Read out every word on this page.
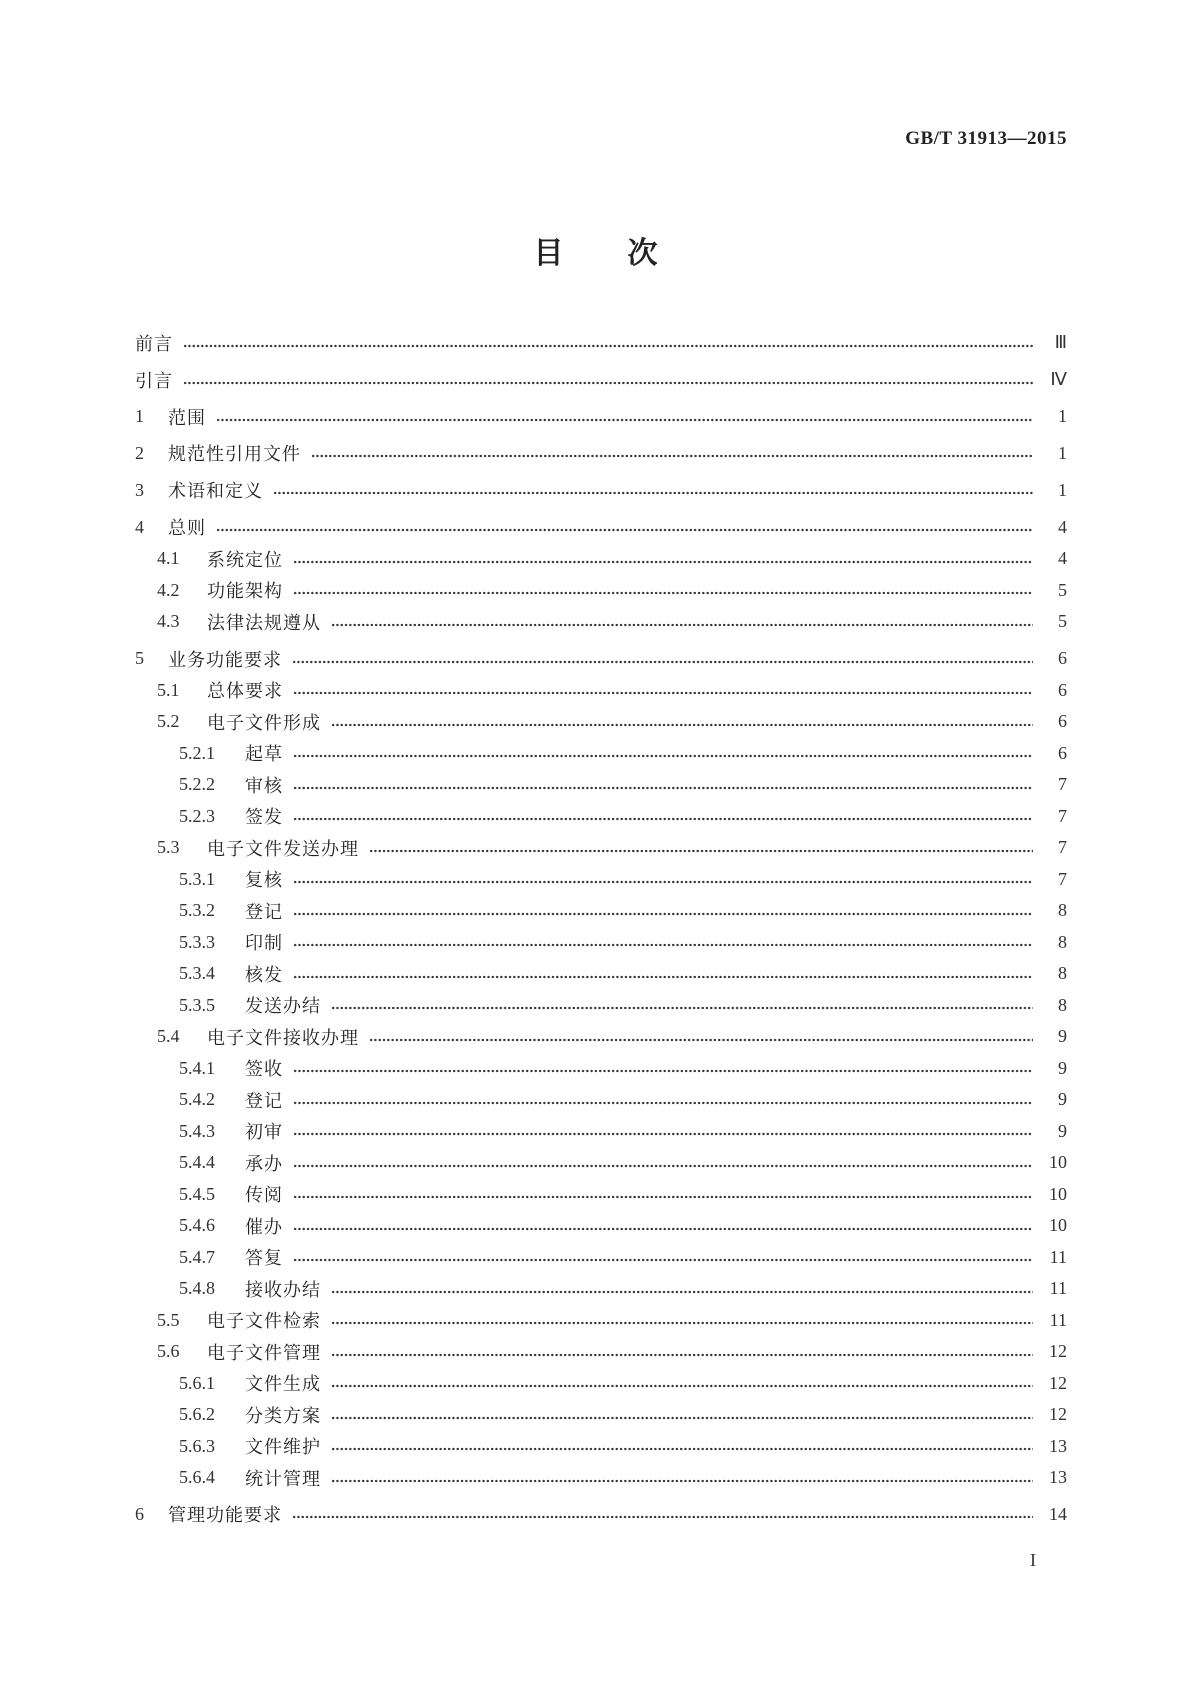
GB/T 31913—2015
目 次
前言	Ⅲ
引言	Ⅳ
1	范围	1
2	规范性引用文件	1
3	术语和定义	1
4	总则	4
4.1	系统定位	4
4.2	功能架构	5
4.3	法律法规遵从	5
5	业务功能要求	6
5.1	总体要求	6
5.2	电子文件形成	6
5.2.1	起草	6
5.2.2	审核	7
5.2.3	签发	7
5.3	电子文件发送办理	7
5.3.1	复核	7
5.3.2	登记	8
5.3.3	印制	8
5.3.4	核发	8
5.3.5	发送办结	8
5.4	电子文件接收办理	9
5.4.1	签收	9
5.4.2	登记	9
5.4.3	初审	9
5.4.4	承办	10
5.4.5	传阅	10
5.4.6	催办	10
5.4.7	答复	11
5.4.8	接收办结	11
5.5	电子文件检索	11
5.6	电子文件管理	12
5.6.1	文件生成	12
5.6.2	分类方案	12
5.6.3	文件维护	13
5.6.4	统计管理	13
6	管理功能要求	14
I
